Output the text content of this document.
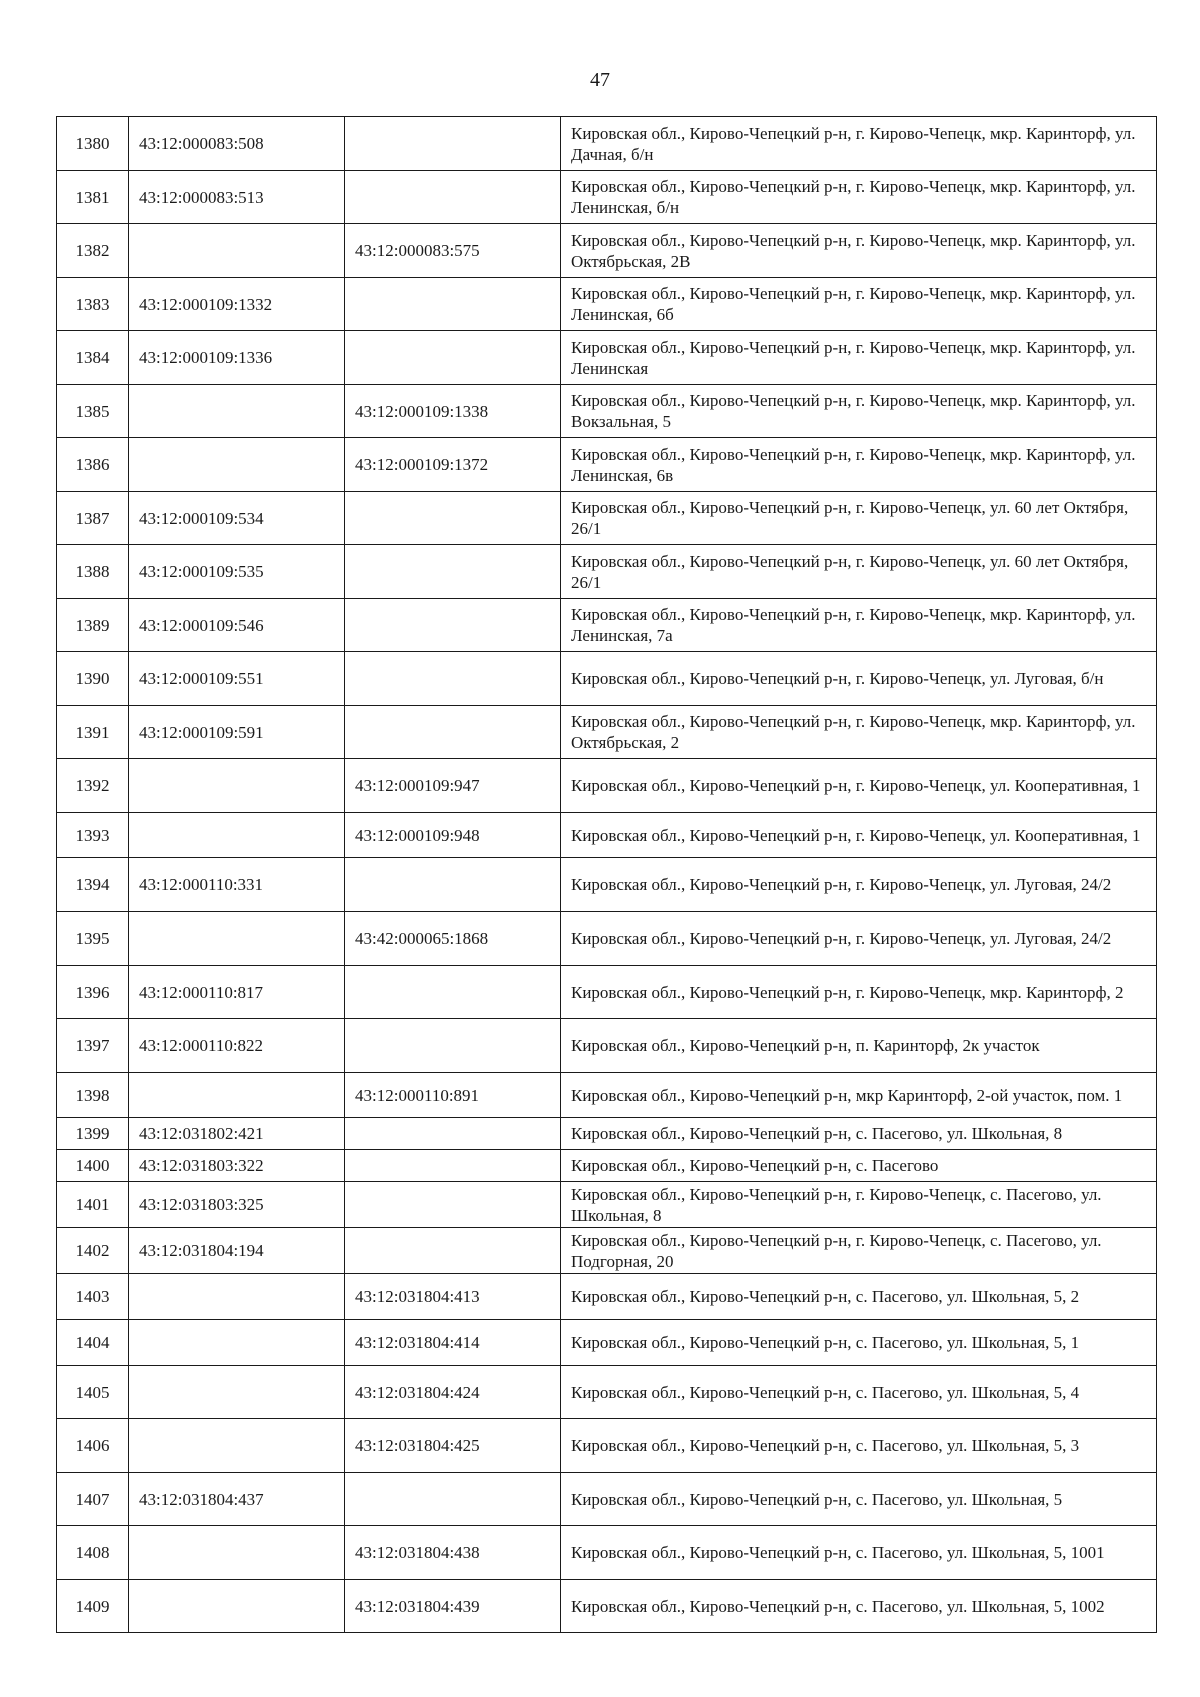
47
1380	43:12:000083:508		Кировская обл., Кирово-Чепецкий р-н, г. Кирово-Чепецк, мкр. Каринторф, ул. Дачная, б/н
1381	43:12:000083:513		Кировская обл., Кирово-Чепецкий р-н, г. Кирово-Чепецк, мкр. Каринторф, ул. Ленинская, б/н
1382		43:12:000083:575	Кировская обл., Кирово-Чепецкий р-н, г. Кирово-Чепецк, мкр. Каринторф, ул. Октябрьская, 2В
1383	43:12:000109:1332		Кировская обл., Кирово-Чепецкий р-н, г. Кирово-Чепецк, мкр. Каринторф, ул. Ленинская, 6б
1384	43:12:000109:1336		Кировская обл., Кирово-Чепецкий р-н, г. Кирово-Чепецк, мкр. Каринторф, ул. Ленинская
1385		43:12:000109:1338	Кировская обл., Кирово-Чепецкий р-н, г. Кирово-Чепецк, мкр. Каринторф, ул. Вокзальная, 5
1386		43:12:000109:1372	Кировская обл., Кирово-Чепецкий р-н, г. Кирово-Чепецк, мкр. Каринторф, ул. Ленинская, 6в
1387	43:12:000109:534		Кировская обл., Кирово-Чепецкий р-н, г. Кирово-Чепецк, ул. 60 лет Октября, 26/1
1388	43:12:000109:535		Кировская обл., Кирово-Чепецкий р-н, г. Кирово-Чепецк, ул. 60 лет Октября, 26/1
1389	43:12:000109:546		Кировская обл., Кирово-Чепецкий р-н, г. Кирово-Чепецк, мкр. Каринторф, ул. Ленинская, 7а
1390	43:12:000109:551		Кировская обл., Кирово-Чепецкий р-н, г. Кирово-Чепецк, ул. Луговая, б/н
1391	43:12:000109:591		Кировская обл., Кирово-Чепецкий р-н, г. Кирово-Чепецк, мкр. Каринторф, ул. Октябрьская, 2
1392		43:12:000109:947	Кировская обл., Кирово-Чепецкий р-н, г. Кирово-Чепецк, ул. Кооперативная, 1
1393		43:12:000109:948	Кировская обл., Кирово-Чепецкий р-н, г. Кирово-Чепецк, ул. Кооперативная, 1
1394	43:12:000110:331		Кировская обл., Кирово-Чепецкий р-н, г. Кирово-Чепецк, ул. Луговая, 24/2
1395		43:42:000065:1868	Кировская обл., Кирово-Чепецкий р-н, г. Кирово-Чепецк, ул. Луговая, 24/2
1396	43:12:000110:817		Кировская обл., Кирово-Чепецкий р-н, г. Кирово-Чепецк, мкр. Каринторф, 2
1397	43:12:000110:822		Кировская обл., Кирово-Чепецкий р-н, п. Каринторф, 2к участок
1398		43:12:000110:891	Кировская обл., Кирово-Чепецкий р-н, мкр Каринторф, 2-ой участок, пом. 1
1399	43:12:031802:421		Кировская обл., Кирово-Чепецкий р-н, с. Пасегово, ул. Школьная, 8
1400	43:12:031803:322		Кировская обл., Кирово-Чепецкий р-н, с. Пасегово
1401	43:12:031803:325		Кировская обл., Кирово-Чепецкий р-н, г. Кирово-Чепецк, с. Пасегово, ул. Школьная, 8
1402	43:12:031804:194		Кировская обл., Кирово-Чепецкий р-н, г. Кирово-Чепецк, с. Пасегово, ул. Подгорная, 20
1403		43:12:031804:413	Кировская обл., Кирово-Чепецкий р-н, с. Пасегово, ул. Школьная, 5, 2
1404		43:12:031804:414	Кировская обл., Кирово-Чепецкий р-н, с. Пасегово, ул. Школьная, 5, 1
1405		43:12:031804:424	Кировская обл., Кирово-Чепецкий р-н, с. Пасегово, ул. Школьная, 5, 4
1406		43:12:031804:425	Кировская обл., Кирово-Чепецкий р-н, с. Пасегово, ул. Школьная, 5, 3
1407	43:12:031804:437		Кировская обл., Кирово-Чепецкий р-н, с. Пасегово, ул. Школьная, 5
1408		43:12:031804:438	Кировская обл., Кирово-Чепецкий р-н, с. Пасегово, ул. Школьная, 5, 1001
1409		43:12:031804:439	Кировская обл., Кирово-Чепецкий р-н, с. Пасегово, ул. Школьная, 5, 1002
